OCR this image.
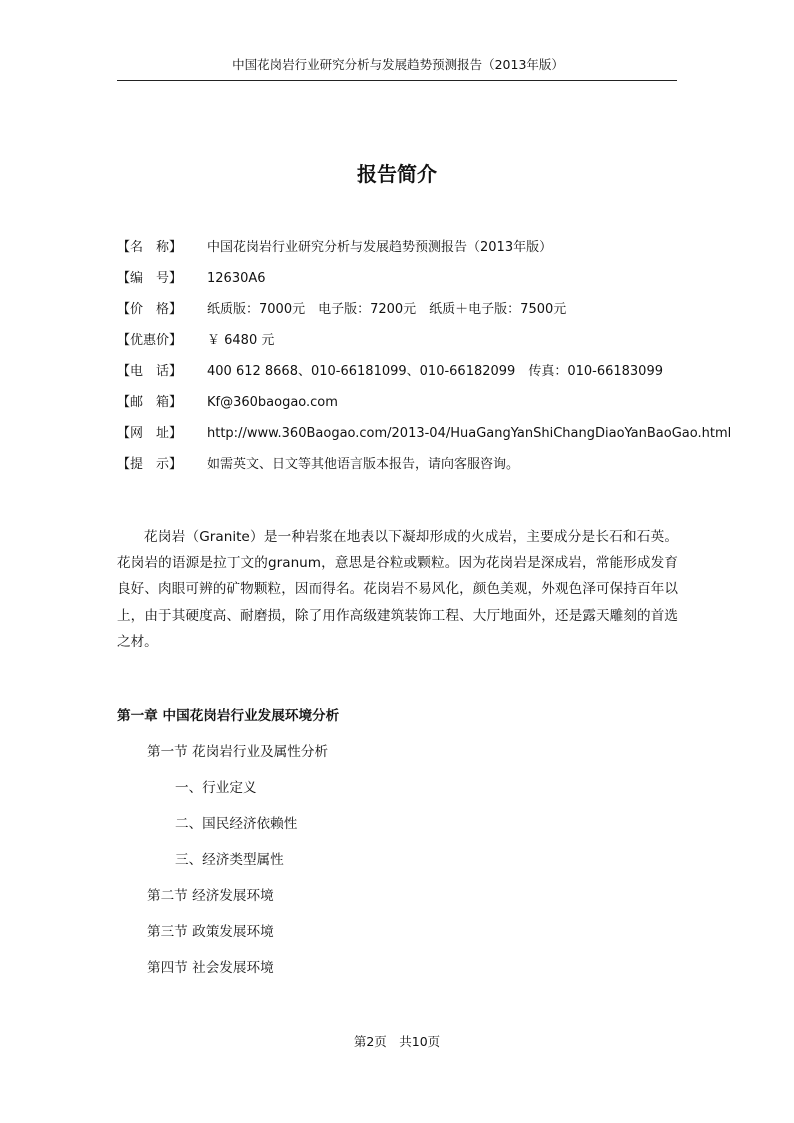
中国花岗岩行业研究分析与发展趋势预测报告（2013年版）
报告简介
【名　称】	中国花岗岩行业研究分析与发展趋势预测报告（2013年版）
【编　号】	12630A6
【价　格】	纸质版：7000元　电子版：7200元　纸质＋电子版：7500元
【优惠价】	￥ 6480 元
【电　话】	400 612 8668、010-66181099、010-66182099　传真：010-66183099
【邮　箱】	Kf@360baogao.com
【网　址】	http://www.360Baogao.com/2013-04/HuaGangYanShiChangDiaoYanBaoGao.html
【提　示】	如需英文、日文等其他语言版本报告，请向客服咨询。

花岗岩（Granite）是一种岩浆在地表以下凝却形成的火成岩，主要成分是长石和石英。花岗岩的语源是拉丁文的granum，意思是谷粒或颗粒。因为花岗岩是深成岩，常能形成发育良好、肉眼可辨的矿物颗粒，因而得名。花岗岩不易风化，颜色美观，外观色泽可保持百年以上，由于其硬度高、耐磨损，除了用作高级建筑装饰工程、大厅地面外，还是露天雕刻的首选之材。

第一章 中国花岗岩行业发展环境分析
第一节 花岗岩行业及属性分析
一、行业定义
二、国民经济依赖性
三、经济类型属性
第二节 经济发展环境
第三节 政策发展环境
第四节 社会发展环境
第2页　共10页
